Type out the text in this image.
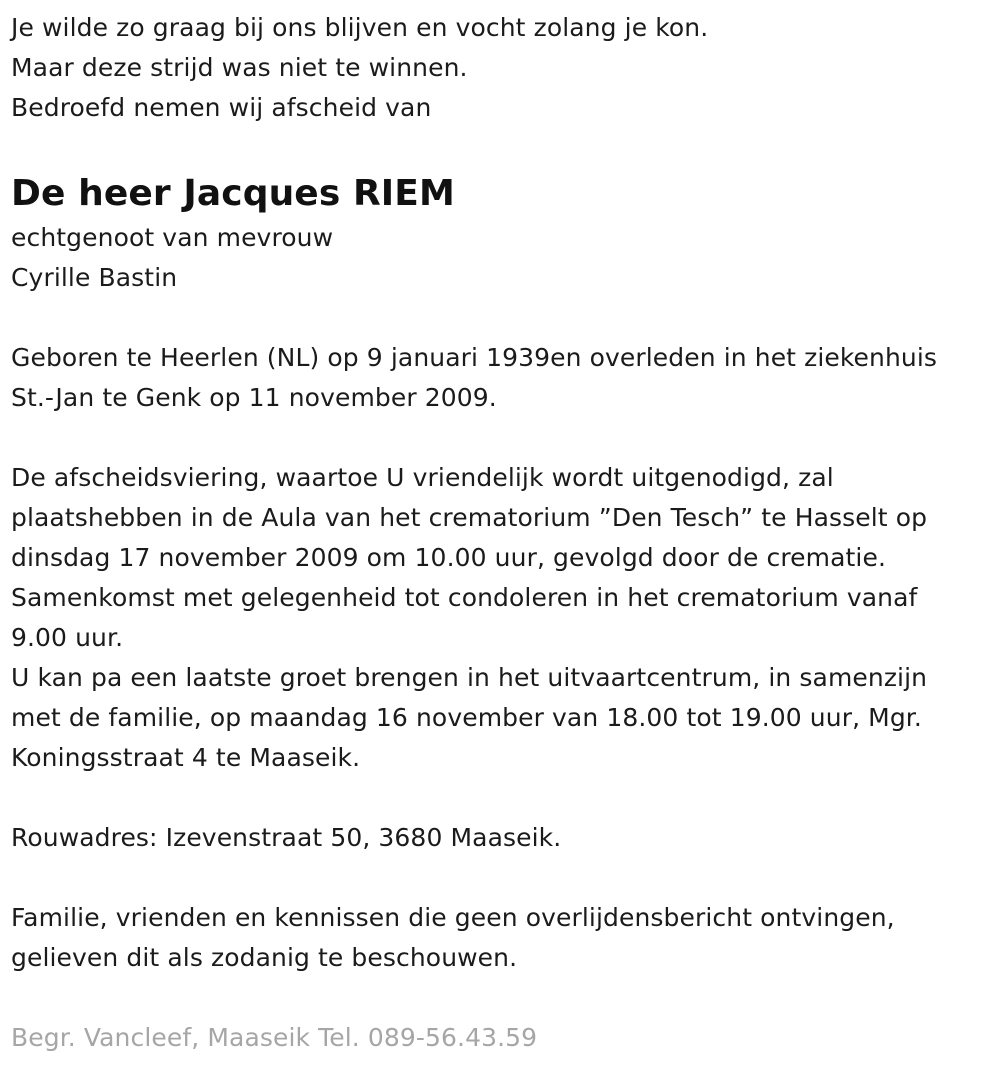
Je wilde zo graag bij ons blijven en vocht zolang je kon.
Maar deze strijd was niet te winnen.
Bedroefd nemen wij afscheid van
De heer Jacques RIEM
echtgenoot van mevrouw
Cyrille Bastin
Geboren te Heerlen (NL) op 9 januari 1939en overleden in het ziekenhuis
St.-Jan te Genk op 11 november 2009.
De afscheidsviering, waartoe U vriendelijk wordt uitgenodigd, zal
plaatshebben in de Aula van het crematorium ”Den Tesch” te Hasselt op
dinsdag 17 november 2009 om 10.00 uur, gevolgd door de crematie.
Samenkomst met gelegenheid tot condoleren in het crematorium vanaf
9.00 uur.
U kan pa een laatste groet brengen in het uitvaartcentrum, in samenzijn
met de familie, op maandag 16 november van 18.00 tot 19.00 uur, Mgr.
Koningsstraat 4 te Maaseik.
Rouwadres: Izevenstraat 50, 3680 Maaseik.
Familie, vrienden en kennissen die geen overlijdensbericht ontvingen,
gelieven dit als zodanig te beschouwen.
Begr. Vancleef, Maaseik Tel. 089-56.43.59
